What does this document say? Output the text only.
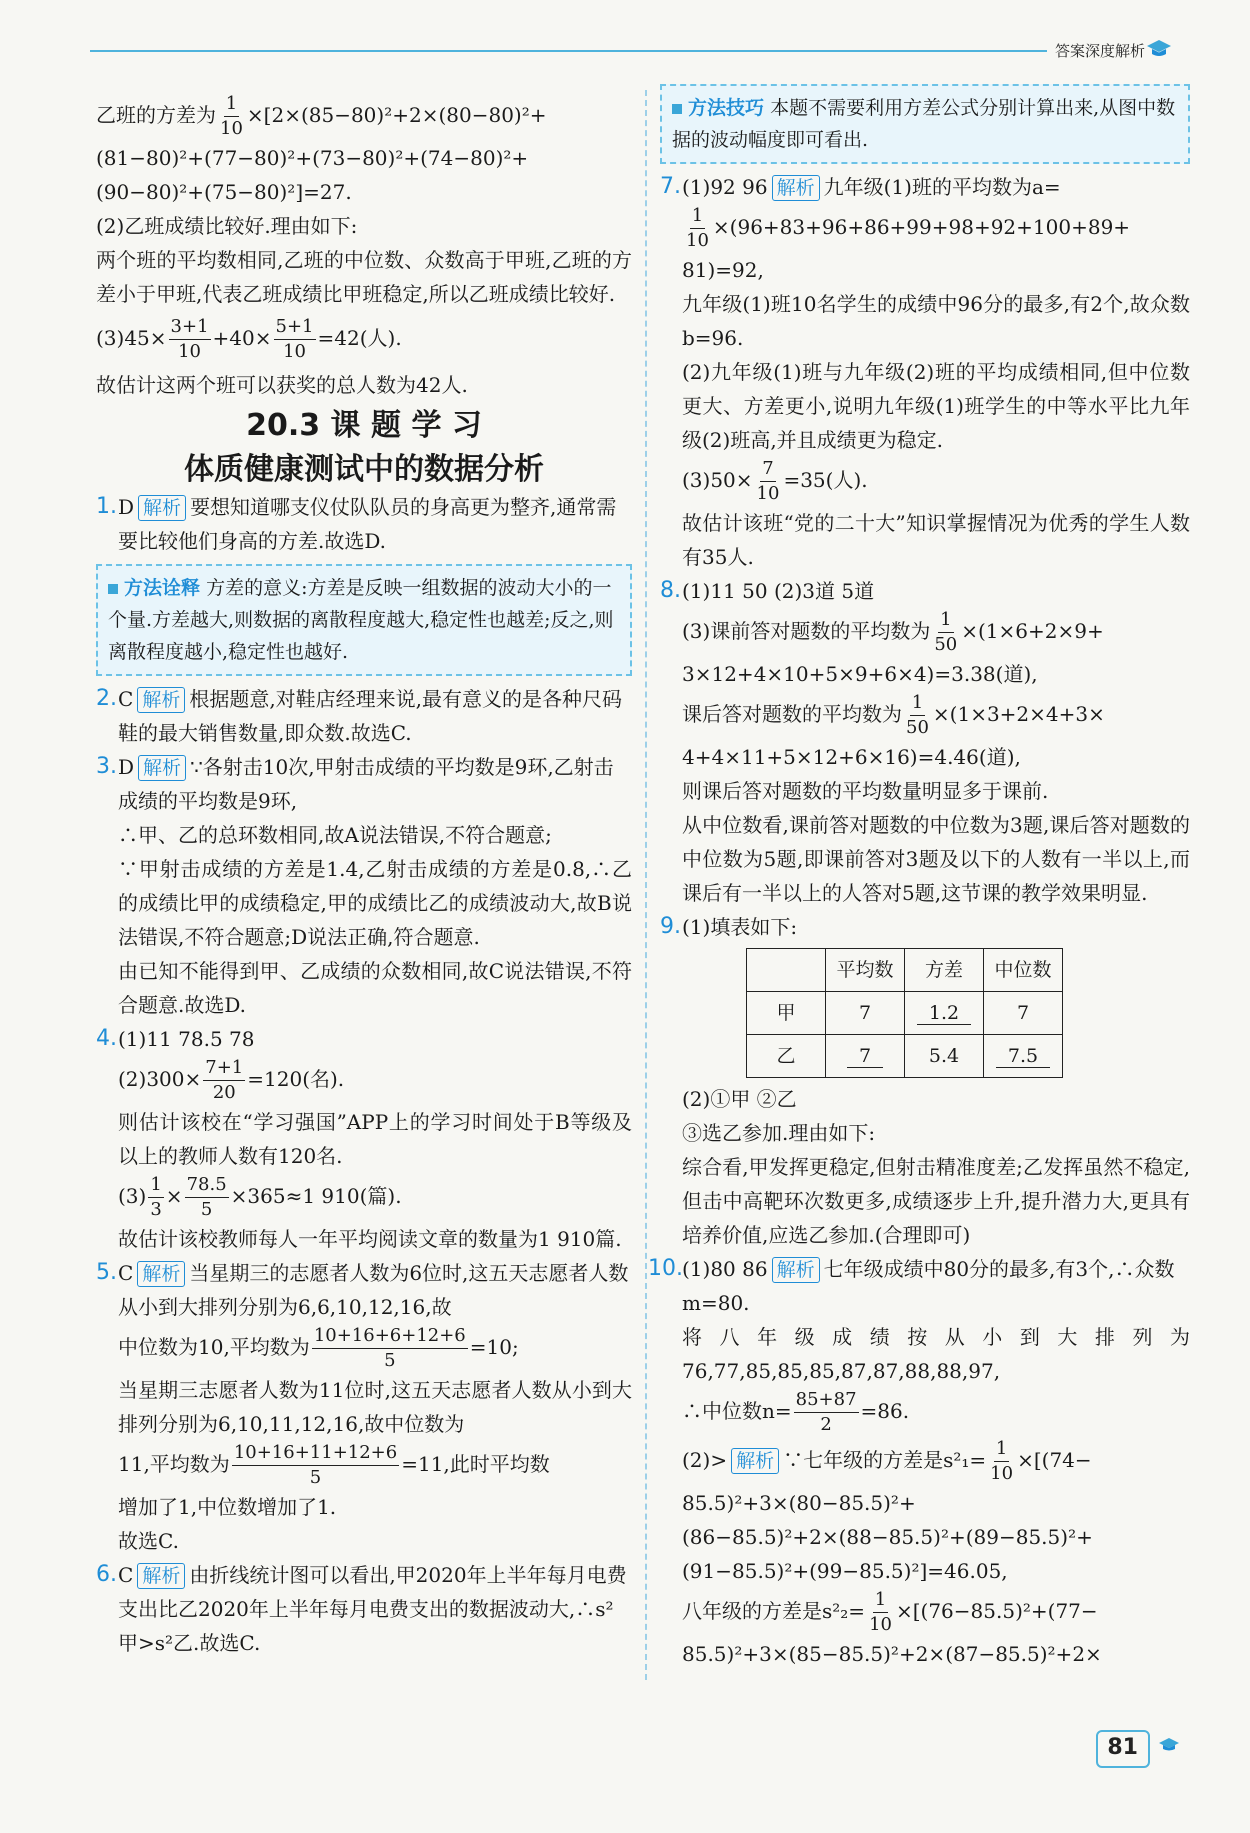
答案深度解析

乙班的方差为 $\frac{1}{10} \times[2\times(85-80)^2+2\times(80-80)^2+$

(81−80)²+(77−80)²+(73−80)²+(74−80)²+

(90−80)²+(75−80)²]=27.

(2)乙班成绩比较好.理由如下:

两个班的平均数相同,乙班的中位数、众数高于甲班,乙班的方差小于甲班,代表乙班成绩比甲班稳定,所以乙班成绩比较好.

$(3)45\times \frac{3+1}{10} +40\times \frac{5+1}{10} =42$(人).

故估计这两个班可以获奖的总人数为42人.

20.3 课 题 学 习
体质健康测试中的数据分析
1. D 解析 要想知道哪支仪仗队队员的身高更为整齐,通常需要比较他们身高的方差.故选D.
方法诠释 方差的意义:方差是反映一组数据的波动大小的一个量.方差越大,则数据的离散程度越大,稳定性也越差;反之,则离散程度越小,稳定性也越好.
2. C 解析 根据题意,对鞋店经理来说,最有意义的是各种尺码鞋的最大销售数量,即众数.故选C.
3. D 解析 ∵各射击10次,甲射击成绩的平均数是9环,乙射击成绩的平均数是9环,

∴甲、乙的总环数相同,故A说法错误,不符合题意;

∵甲射击成绩的方差是1.4,乙射击成绩的方差是0.8,∴乙的成绩比甲的成绩稳定,甲的成绩比乙的成绩波动大,故B说法错误,不符合题意;D说法正确,符合题意.

由已知不能得到甲、乙成绩的众数相同,故C说法错误,不符合题意.故选D.

4. (1)11 78.5 78

$(2)300\times \frac{7+1}{20} =120$(名).

则估计该校在“学习强国”APP上的学习时间处于B等级及以上的教师人数有120名.

$(3) \frac{1}{3} \times \frac{78.5}{5} \times 365\approx 1$ 910(篇).

故估计该校教师每人一年平均阅读文章的数量为1 910篇.

5. C 解析 当星期三的志愿者人数为6位时,这五天志愿者人数从小到大排列分别为6,6,10,12,16,故

中位数为10,平均数为 $\frac{10+16+6+12+6}{5} =10$;

当星期三志愿者人数为11位时,这五天志愿者人数从小到大排列分别为6,10,11,12,16,故中位数为

11,平均数为 $\frac{10+16+11+12+6}{5} =11$,此时平均数

增加了1,中位数增加了1.

故选C.

6. C 解析 由折线统计图可以看出,甲2020年上半年每月电费支出比乙2020年上半年每月电费支出的数据波动大,∴s²甲>s²乙.故选C.
方法技巧 本题不需要利用方差公式分别计算出来,从图中数据的波动幅度即可看出.
7. (1)92 96 解析 九年级(1)班的平均数为a=

$\frac{1}{10} \times(96+83+96+86+99+98+92+100+89+$

81)=92,

九年级(1)班10名学生的成绩中96分的最多,有2个,故众数b=96.

(2)九年级(1)班与九年级(2)班的平均成绩相同,但中位数更大、方差更小,说明九年级(1)班学生的中等水平比九年级(2)班高,并且成绩更为稳定.

$(3)50\times \frac{7}{10} =35$(人).

故估计该班“党的二十大”知识掌握情况为优秀的学生人数有35人.

8. (1)11 50 (2)3道 5道

(3)课前答对题数的平均数为 $\frac{1}{50} \times(1\times 6+2\times 9+$

3×12+4×10+5×9+6×4)=3.38(道),

课后答对题数的平均数为 $\frac{1}{50} \times(1\times 3+2\times 4+3\times$

4+4×11+5×12+6×16)=4.46(道),

则课后答对题数的平均数量明显多于课前.

从中位数看,课前答对题数的中位数为3题,课后答对题数的中位数为5题,即课前答对3题及以下的人数有一半以上,而课后有一半以上的人答对5题,这节课的教学效果明显.

9. (1)填表如下:

	平均数	方差	中位数
甲	7	1.2	7
乙	7	5.4	7.5

(2)①甲 ②乙

③选乙参加.理由如下:

综合看,甲发挥更稳定,但射击精准度差;乙发挥虽然不稳定,但击中高靶环次数更多,成绩逐步上升,提升潜力大,更具有培养价值,应选乙参加.(合理即可)

10. (1)80 86 解析 七年级成绩中80分的最多,有3个,∴众数m=80.

将八年级成绩按从小到大排列为76,77,85,85,85,87,87,88,88,97,

∴中位数$n= \frac{85+87}{2} =86$.

(2)> 解析 ∵七年级的方差是$s^2_1= \frac{1}{10} \times[(74-$

85.5)²+3×(80−85.5)²+(86−85.5)²+2×(88−85.5)²+(89−85.5)²+(91−85.5)²+(99−85.5)²]=46.05,

八年级的方差是$s^2_2= \frac{1}{10} \times[(76-85.5)^2+(77-$

85.5)²+3×(85−85.5)²+2×(87−85.5)²+2×

81
